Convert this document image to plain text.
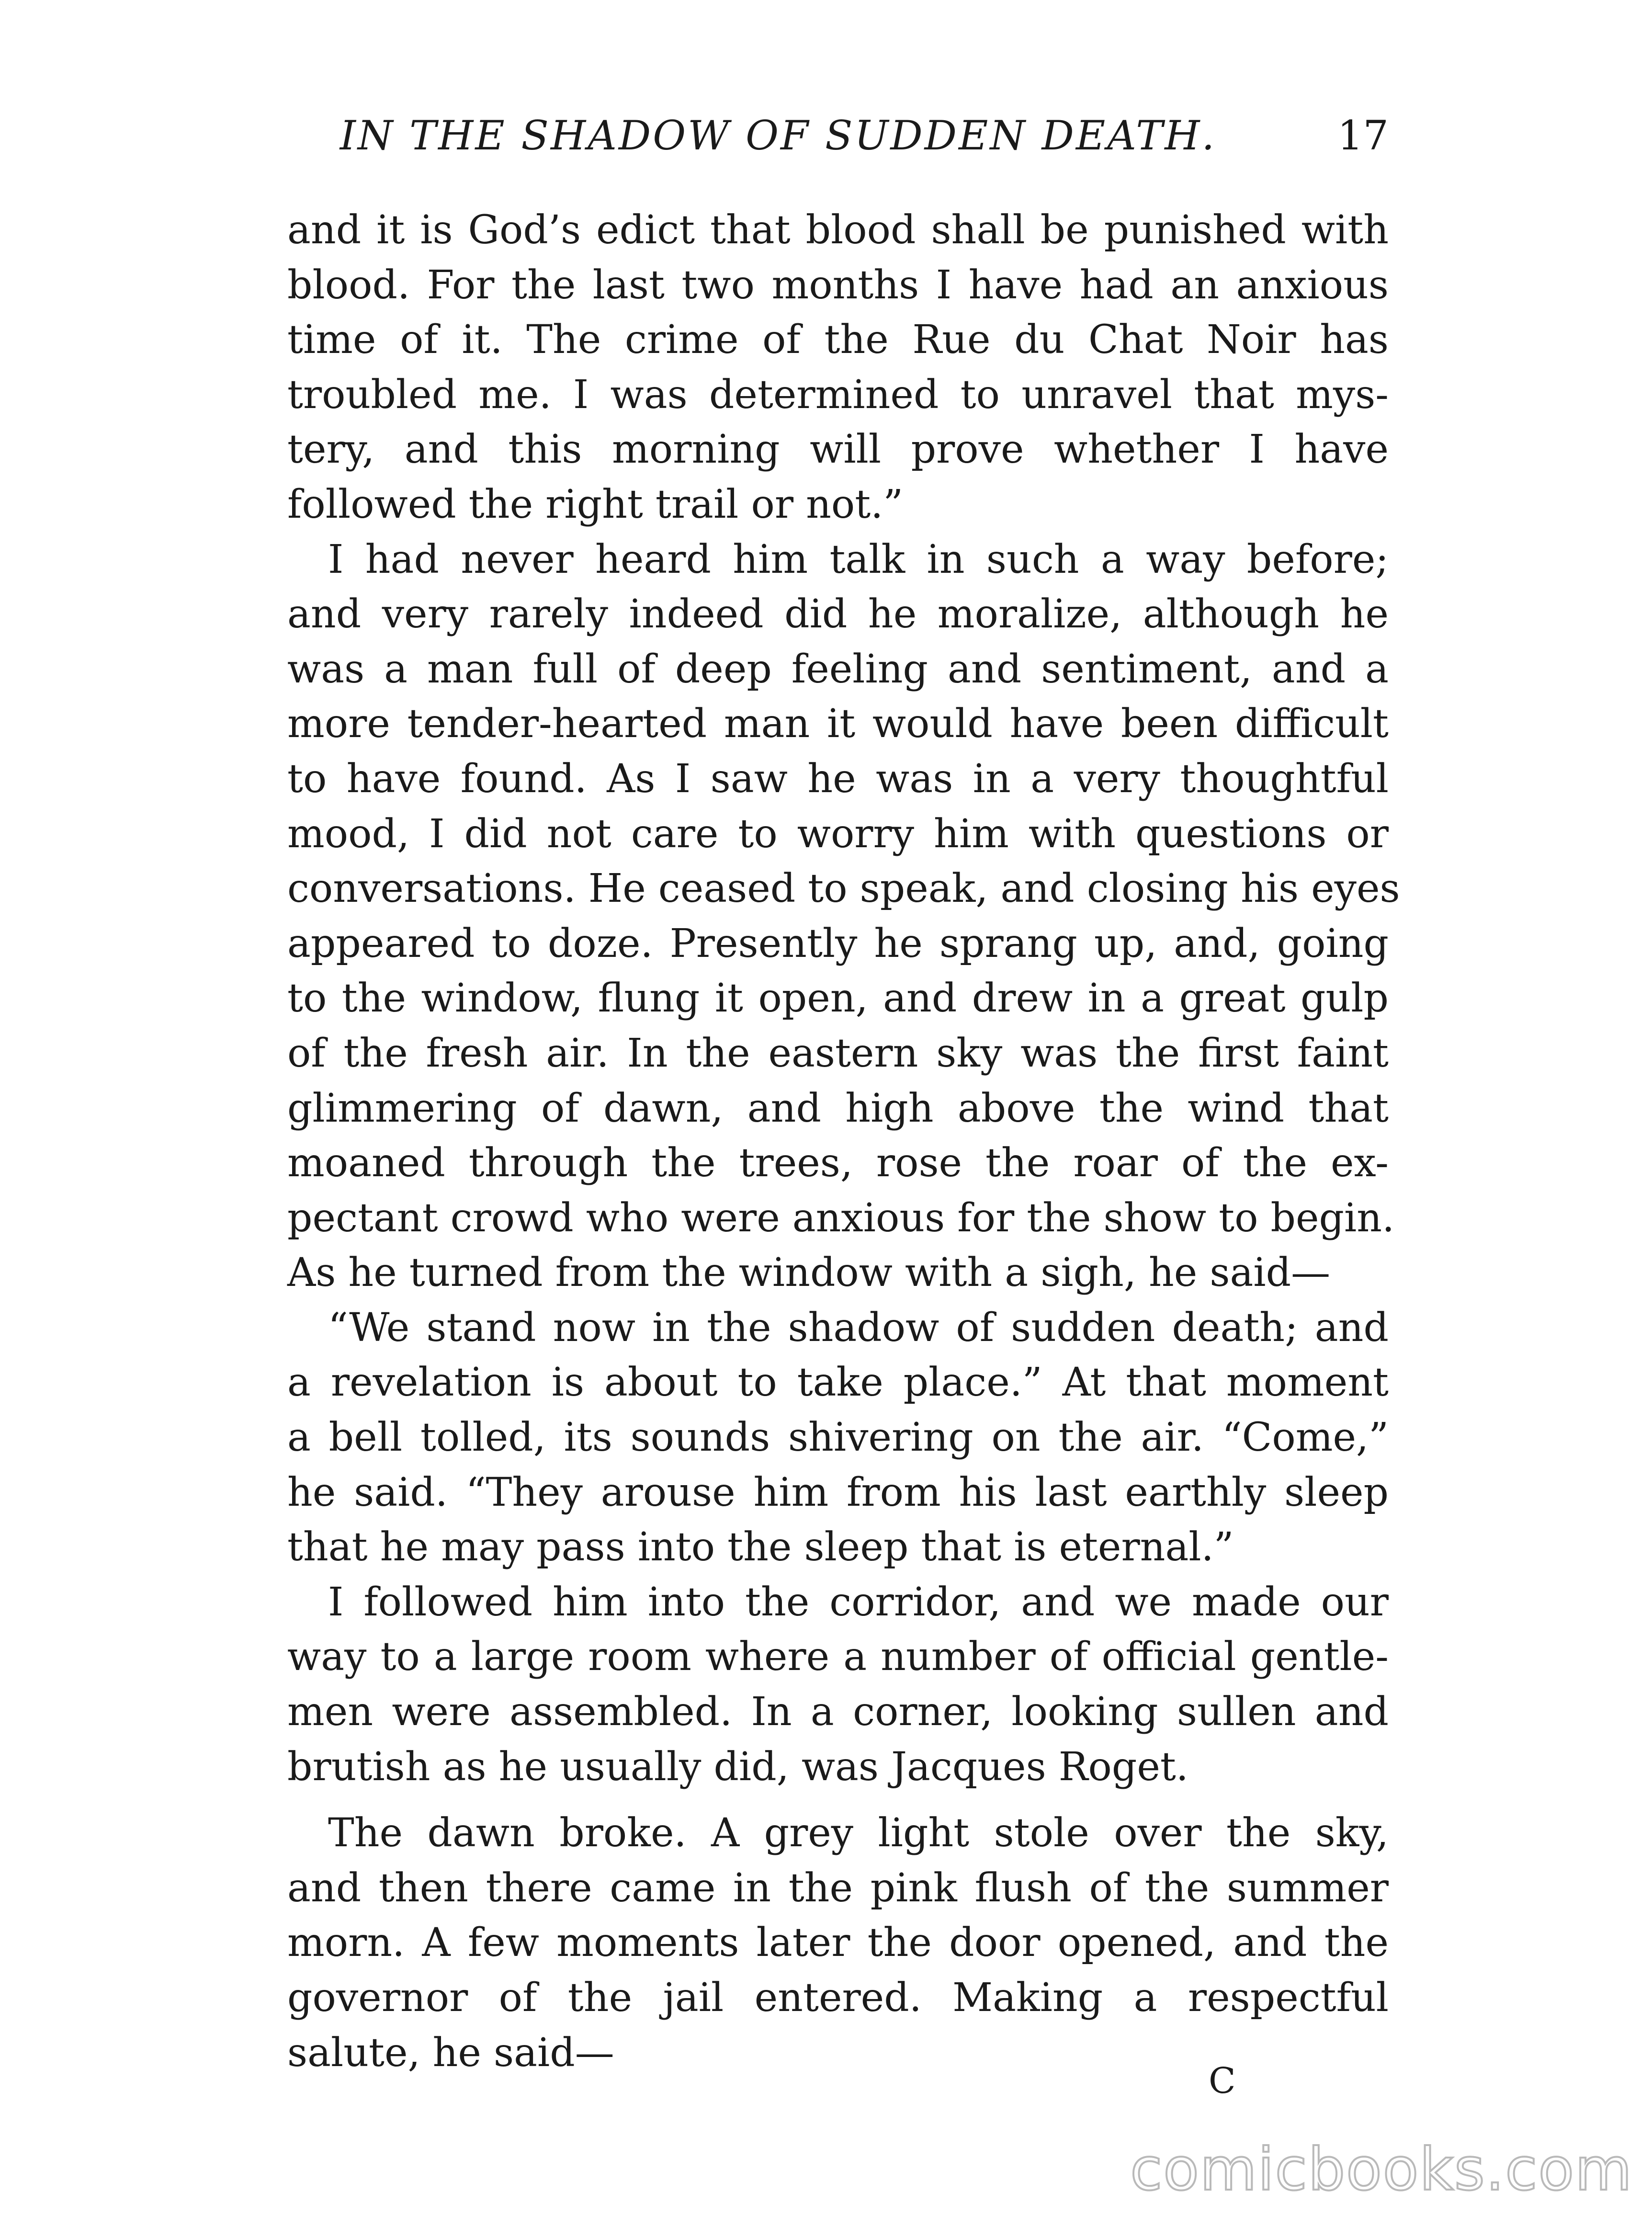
IN THE SHADOW OF SUDDEN DEATH.	17
and it is God’s edict that blood shall be punished with
blood. For the last two months I have had an anxious
time of it. The crime of the Rue du Chat Noir has
troubled me. I was determined to unravel that mys-
tery, and this morning will prove whether I have
followed the right trail or not.”
I had never heard him talk in such a way before;
and very rarely indeed did he moralize, although he
was a man full of deep feeling and sentiment, and a
more tender-hearted man it would have been difficult
to have found. As I saw he was in a very thoughtful
mood, I did not care to worry him with questions or
conversations. He ceased to speak, and closing his eyes
appeared to doze. Presently he sprang up, and, going
to the window, flung it open, and drew in a great gulp
of the fresh air. In the eastern sky was the first faint
glimmering of dawn, and high above the wind that
moaned through the trees, rose the roar of the ex-
pectant crowd who were anxious for the show to begin.
As he turned from the window with a sigh, he said—
“We stand now in the shadow of sudden death; and
a revelation is about to take place.” At that moment
a bell tolled, its sounds shivering on the air. “Come,”
he said. “They arouse him from his last earthly sleep
that he may pass into the sleep that is eternal.”
I followed him into the corridor, and we made our
way to a large room where a number of official gentle-
men were assembled. In a corner, looking sullen and
brutish as he usually did, was Jacques Roget.
The dawn broke. A grey light stole over the sky,
and then there came in the pink flush of the summer
morn. A few moments later the door opened, and the
governor of the jail entered. Making a respectful
salute, he said—
C
comicbooks.com
